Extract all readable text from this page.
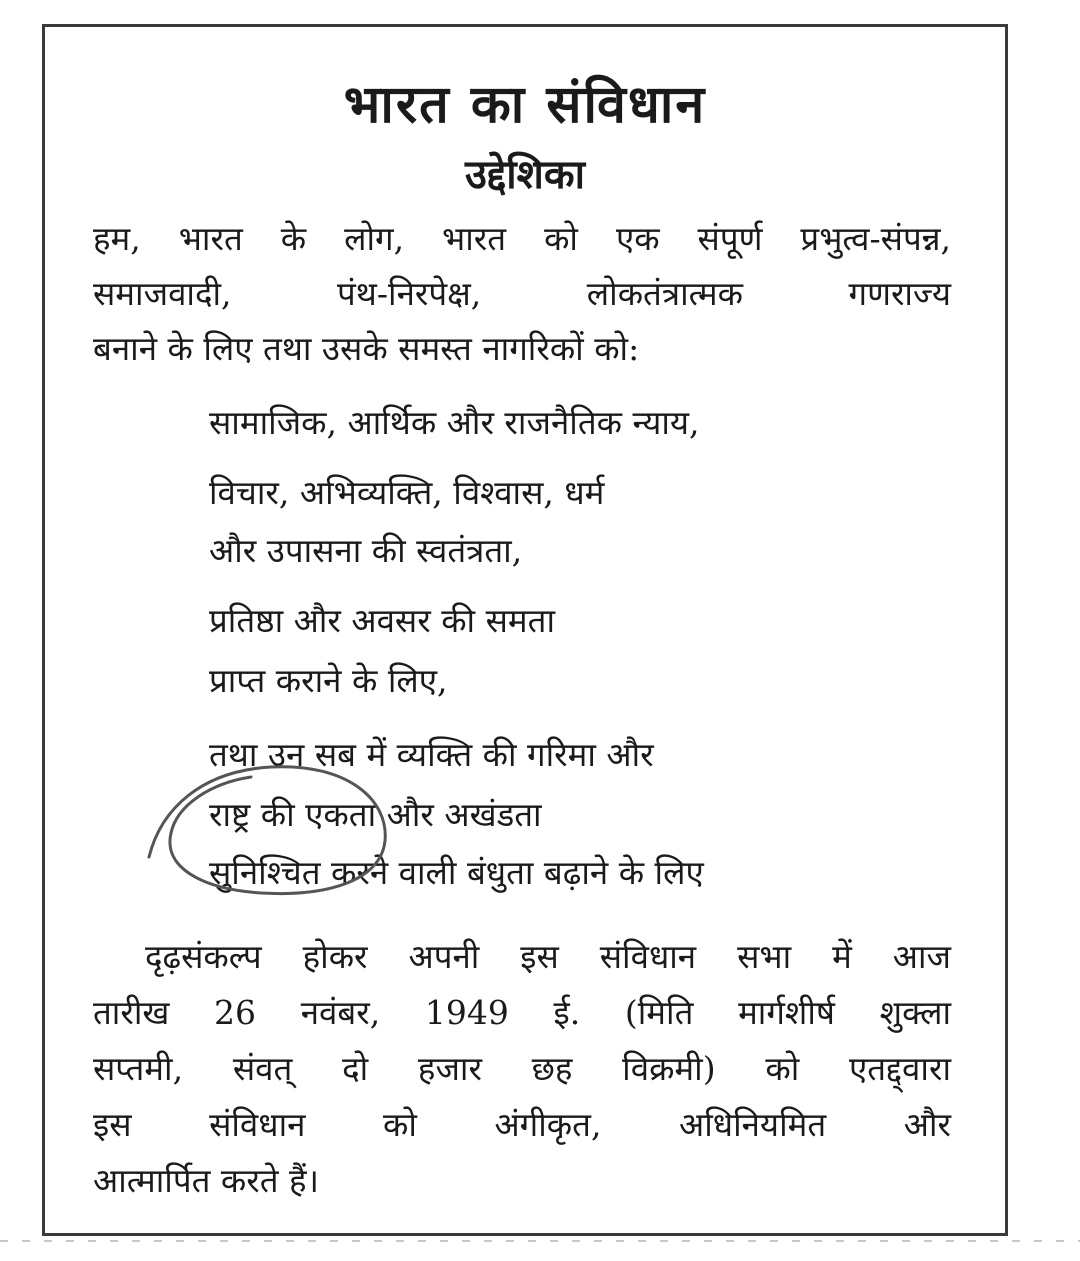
भारत का संविधान
उद्देशिका

हम, भारत के लोग, भारत को एक संपूर्ण प्रभुत्व-संपन्न,

समाजवादी, पंथ-निरपेक्ष, लोकतंत्रात्मक गणराज्य

बनाने के लिए तथा उसके समस्त नागरिकों को:

सामाजिक, आर्थिक और राजनैतिक न्याय,

विचार, अभिव्यक्ति, विश्वास, धर्म

और उपासना की स्वतंत्रता,

प्रतिष्ठा और अवसर की समता

प्राप्त कराने के लिए,

तथा उन सब में व्यक्ति की गरिमा और

राष्ट्र की एकता और अखंडता

सुनिश्चित करने वाली बंधुता बढ़ाने के लिए

दृढ़संकल्प होकर अपनी इस संविधान सभा में आज

तारीख 26 नवंबर, 1949 ई. (मिति मार्गशीर्ष शुक्ला

सप्तमी, संवत् दो हजार छह विक्रमी) को एतद्द्वारा

इस संविधान को अंगीकृत, अधिनियमित और

आत्मार्पित करते हैं।
